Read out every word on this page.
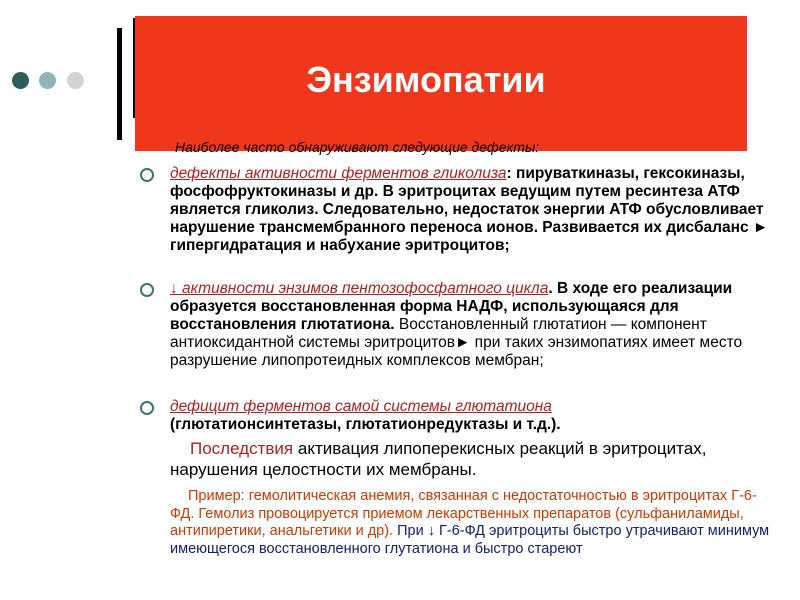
Энзимопатии
Наиболее часто обнаруживают следующие дефекты:
дефекты активности ферментов гликолиза: пируваткиназы, гексокиназы, фосфофруктокиназы и др. В эритроцитах ведущим путем ресинтеза АТФ является гликолиз. Следовательно, недостаток энергии АТФ обусловливает нарушение трансмембранного переноса ионов. Развивается их дисбаланс ► гипергидратация и набухание эритроцитов;
↓ активности энзимов пентозофосфатного цикла. В ходе его реализации образуется восстановленная форма НАДФ, использующаяся для восстановления глютатиона. Восстановленный глютатион — компонент антиоксидантной системы эритроцитов► при таких энзимопатиях имеет место разрушение липопротеидных комплексов мембран;
дефицит ферментов самой системы глютатиона
(глютатионсинтетазы, глютатионредуктазы и т.д.).
Последствия активация липоперекисных реакций в эритроцитах, нарушения целостности их мембраны.
Пример: гемолитическая анемия, связанная с недостаточностью в эритроцитах Г-6-ФД. Гемолиз провоцируется приемом лекарственных препаратов (сульфаниламиды, антипиретики, анальгетики и др). При ↓ Г-6-ФД эритроциты быстро утрачивают минимум имеющегося восстановленного глутатиона и быстро стареют
